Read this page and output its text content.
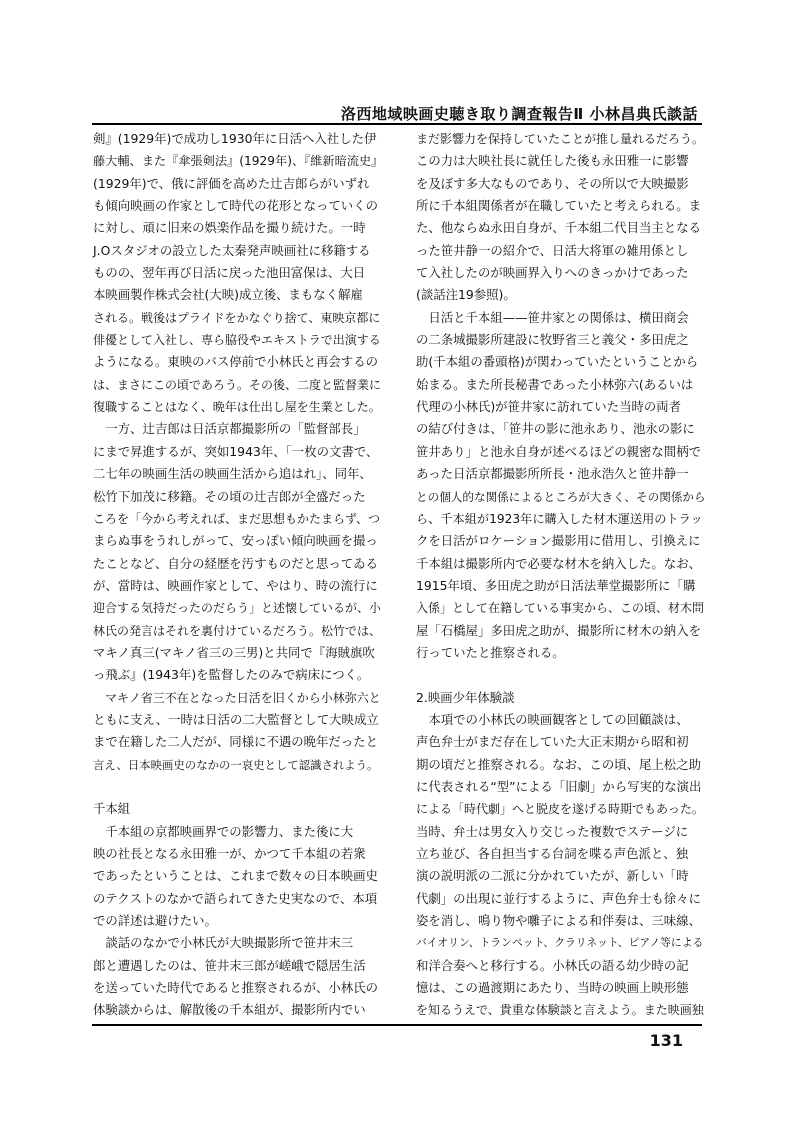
洛西地域映画史聴き取り調査報告Ⅱ 小林昌典氏談話
剣』(1929年)で成功し1930年に日活へ入社した伊
藤大輔、また『傘張剣法』(1929年)、『維新暗流史』
(1929年)で、俄に評価を高めた辻吉郎らがいずれ
も傾向映画の作家として時代の花形となっていくの
に対し、頑に旧来の娯楽作品を撮り続けた。一時
J.Oスタジオの設立した太秦発声映画社に移籍する
ものの、翌年再び日活に戻った池田富保は、大日
本映画製作株式会社(大映)成立後、まもなく解雇
される。戦後はプライドをかなぐり捨て、東映京都に
俳優として入社し、専ら脇役やエキストラで出演する
ようになる。東映のバス停前で小林氏と再会するの
は、まさにこの頃であろう。その後、二度と監督業に
復職することはなく、晩年は仕出し屋を生業とした。
　一方、辻吉郎は日活京都撮影所の「監督部長」
にまで昇進するが、突如1943年、「一枚の文書で、
二七年の映画生活の映画生活から追はれ」、同年、
松竹下加茂に移籍。その頃の辻吉郎が全盛だった
ころを「今から考えれば、まだ思想もかたまらず、つ
まらぬ事をうれしがって、安っぽい傾向映画を撮っ
たことなど、自分の経歴を汚すものだと思ってゐる
が、當時は、映画作家として、やはり、時の流行に
迎合する気持だったのだらう」と述懐しているが、小
林氏の発言はそれを裏付けているだろう。松竹では、
マキノ真三(マキノ省三の三男)と共同で『海賊旗吹
っ飛ぶ』(1943年)を監督したのみで病床につく。
　マキノ省三不在となった日活を旧くから小林弥六と
ともに支え、一時は日活の二大監督として大映成立
まで在籍した二人だが、同様に不遇の晩年だったと
言え、日本映画史のなかの一哀史として認識されよう。
千本組
　千本組の京都映画界での影響力、また後に大
映の社長となる永田雅一が、かつて千本組の若衆
であったということは、これまで数々の日本映画史
のテクストのなかで語られてきた史実なので、本項
での詳述は避けたい。
　談話のなかで小林氏が大映撮影所で笹井末三
郎と遭遇したのは、笹井末三郎が嵯峨で隠居生活
を送っていた時代であると推察されるが、小林氏の
体験談からは、解散後の千本組が、撮影所内でい
まだ影響力を保持していたことが推し量れるだろう。
この力は大映社長に就任した後も永田雅一に影響
を及ぼす多大なものであり、その所以で大映撮影
所に千本組関係者が在職していたと考えられる。ま
た、他ならぬ永田自身が、千本組二代目当主となる
った笹井静一の紹介で、日活大将軍の雑用係とし
て入社したのが映画界入りへのきっかけであった
(談話注19参照)。
　日活と千本組——笹井家との関係は、横田商会
の二条城撮影所建設に牧野省三と義父・多田虎之
助(千本組の番頭格)が関わっていたということから
始まる。また所長秘書であった小林弥六(あるいは
代理の小林氏)が笹井家に訪れていた当時の両者
の結び付きは、「笹井の影に池永あり、池永の影に
笹井あり」と池永自身が述べるほどの親密な間柄で
あった日活京都撮影所所長・池永浩久と笹井静一
との個人的な関係によるところが大きく、その関係から
ら、千本組が1923年に購入した材木運送用のトラッ
クを日活がロケーション撮影用に借用し、引換えに
千本組は撮影所内で必要な材木を納入した。なお、
1915年頃、多田虎之助が日活法華堂撮影所に「購
入係」として在籍している事実から、この頃、材木問
屋「石橋屋」多田虎之助が、撮影所に材木の納入を
行っていたと推察される。
2.映画少年体験談
　本項での小林氏の映画観客としての回顧談は、
声色弁士がまだ存在していた大正末期から昭和初
期の頃だと推察される。なお、この頃、尾上松之助
に代表される“型”による「旧劇」から写実的な演出
による「時代劇」へと脱皮を遂げる時期でもあった。
当時、弁士は男女入り交じった複数でステージに
立ち並び、各自担当する台詞を喋る声色派と、独
演の説明派の二派に分かれていたが、新しい「時
代劇」の出現に並行するように、声色弁士も徐々に
姿を消し、鳴り物や囃子による和伴奏は、三味線、
バイオリン、トランペット、クラリネット、ピアノ等による
和洋合奏へと移行する。小林氏の語る幼少時の記
憶は、この過渡期にあたり、当時の映画上映形態
を知るうえで、貴重な体験談と言えよう。また映画独
131
